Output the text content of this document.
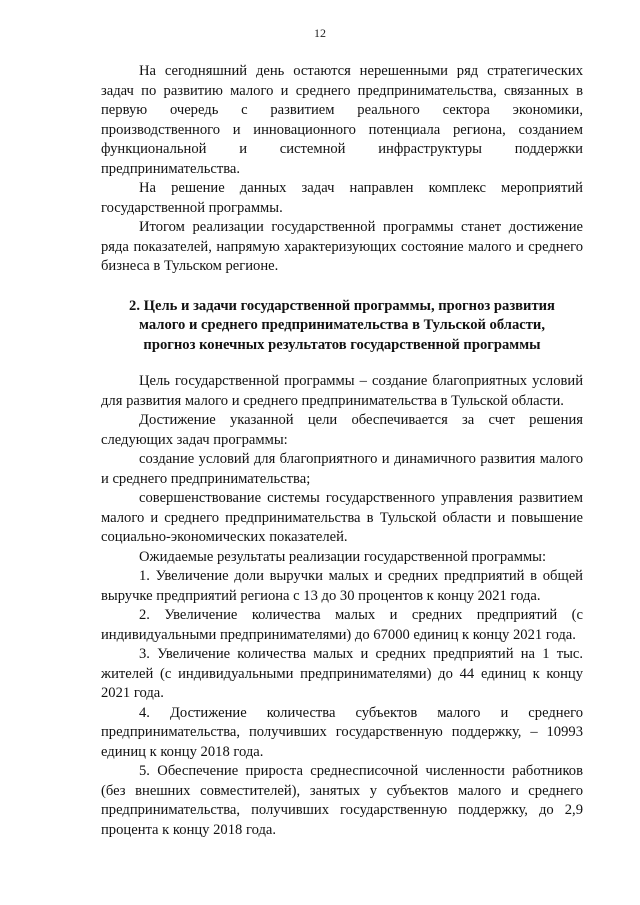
12

На сегодняшний день остаются нерешенными ряд стратегических задач по развитию малого и среднего предпринимательства, связанных в первую очередь с развитием реального сектора экономики, производственного и инновационного потенциала региона, созданием функциональной и системной инфраструктуры поддержки предпринимательства.

На решение данных задач направлен комплекс мероприятий государственной программы.

Итогом реализации государственной программы станет достижение ряда показателей, напрямую характеризующих состояние малого и среднего бизнеса в Тульском регионе.

2. Цель и задачи государственной программы, прогноз развития
малого и среднего предпринимательства в Тульской области,
прогноз конечных результатов государственной программы

Цель государственной программы – создание благоприятных условий для развития малого и среднего предпринимательства в Тульской области.

Достижение указанной цели обеспечивается за счет решения следующих задач программы:

создание условий для благоприятного и динамичного развития малого и среднего предпринимательства;

совершенствование системы государственного управления развитием малого и среднего предпринимательства в Тульской области и повышение социально-экономических показателей.

Ожидаемые результаты реализации государственной программы:

1. Увеличение доли выручки малых и средних предприятий в общей выручке предприятий региона с 13 до 30 процентов к концу 2021 года.

2. Увеличение количества малых и средних предприятий (с индивидуальными предпринимателями) до 67000 единиц к концу 2021 года.

3. Увеличение количества малых и средних предприятий на 1 тыс. жителей (с индивидуальными предпринимателями) до 44 единиц к концу 2021 года.

4. Достижение количества субъектов малого и среднего предпринимательства, получивших государственную поддержку, – 10993 единиц к концу 2018 года.

5. Обеспечение прироста среднесписочной численности работников (без внешних совместителей), занятых у субъектов малого и среднего предпринимательства, получивших государственную поддержку, до 2,9 процента к концу 2018 года.
